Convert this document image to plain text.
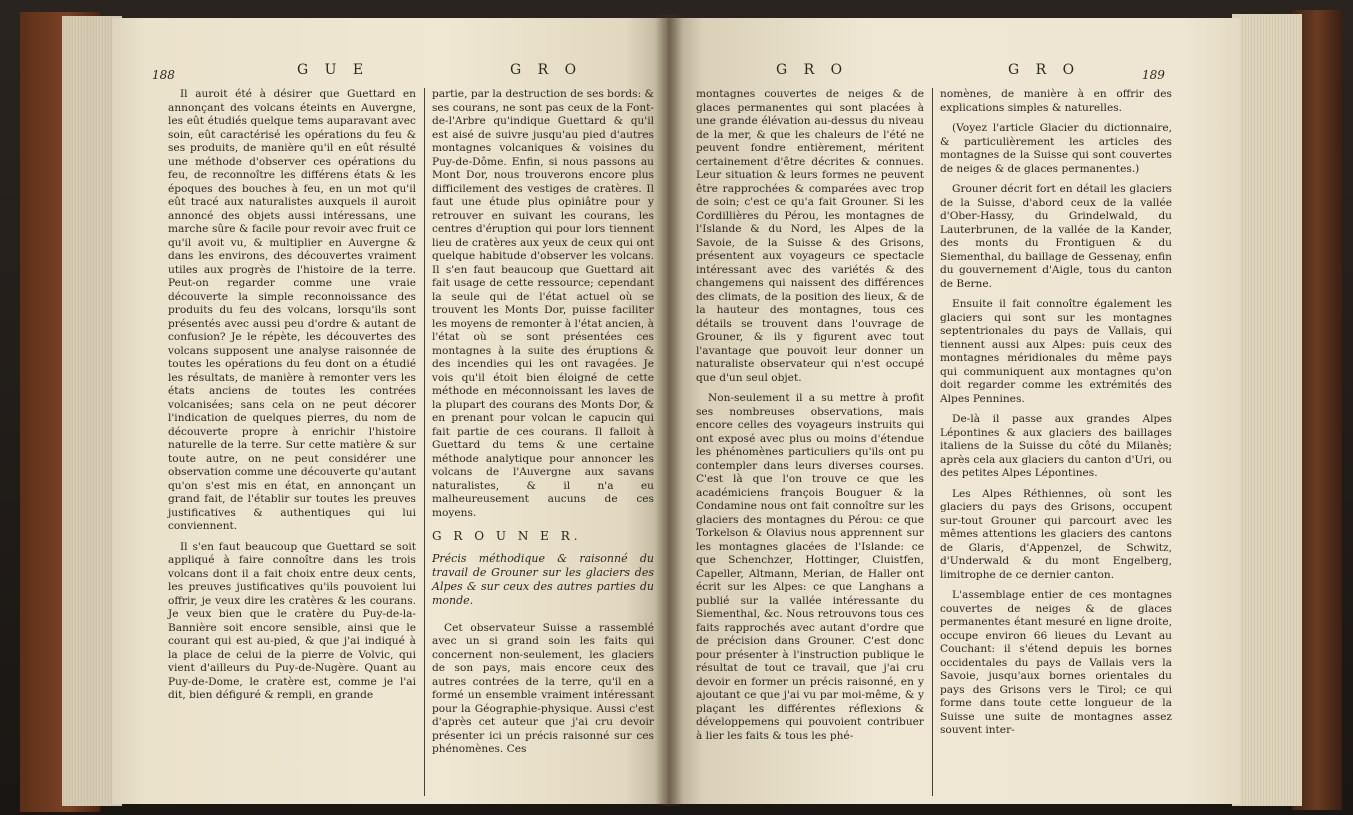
188	G U E	G R O

Il auroit été à désirer que Guettard en annonçant des volcans éteints en Auvergne, les eût étudiés quelque tems auparavant avec soin, eût caractérisé les opérations du feu & ses produits, de manière qu'il en eût résulté une méthode d'observer ces opérations du feu, de reconnoître les différens états & les époques des bouches à feu, en un mot qu'il eût tracé aux naturalistes auxquels il auroit annoncé des objets aussi intéressans, une marche sûre & facile pour revoir avec fruit ce qu'il avoit vu, & multiplier en Auvergne & dans les environs, des découvertes vraiment utiles aux progrès de l'histoire de la terre. Peut-on regarder comme une vraie découverte la simple reconnoissance des produits du feu des volcans, lorsqu'ils sont présentés avec aussi peu d'ordre & autant de confusion? Je le répète, les découvertes des volcans supposent une analyse raisonnée de toutes les opérations du feu dont on a étudié les résultats, de manière à remonter vers les états anciens de toutes les contrées volcanisées; sans cela on ne peut décorer l'indication de quelques pierres, du nom de découverte propre à enrichir l'histoire naturelle de la terre. Sur cette matière & sur toute autre, on ne peut considérer une observation comme une découverte qu'autant qu'on s'est mis en état, en annonçant un grand fait, de l'établir sur toutes les preuves justificatives & authentiques qui lui conviennent.

Il s'en faut beaucoup que Guettard se soit appliqué à faire connoître dans les trois volcans dont il a fait choix entre deux cents, les preuves justificatives qu'ils pouvoient lui offrir, je veux dire les cratères & les courans. Je veux bien que le cratère du Puy-de-la-Bannière soit encore sensible, ainsi que le courant qui est au-pied, & que j'ai indiqué à la place de celui de la pierre de Volvic, qui vient d'ailleurs du Puy-de-Nugère. Quant au Puy-de-Dome, le cratère est, comme je l'ai dit, bien défiguré & rempli, en grande

partie, par la destruction de ses bords: & ses courans, ne sont pas ceux de la Font-de-l'Arbre qu'indique Guettard & qu'il est aisé de suivre jusqu'au pied d'autres montagnes volcaniques & voisines du Puy-de-Dôme. Enfin, si nous passons au Mont Dor, nous trouverons encore plus difficilement des vestiges de cratères. Il faut une étude plus opiniâtre pour y retrouver en suivant les courans, les centres d'éruption qui pour lors tiennent lieu de cratères aux yeux de ceux qui ont quelque habitude d'observer les volcans. Il s'en faut beaucoup que Guettard ait fait usage de cette ressource; cependant la seule qui de l'état actuel où se trouvent les Monts Dor, puisse faciliter les moyens de remonter à l'état ancien, à l'état où se sont présentées ces montagnes à la suite des éruptions & des incendies qui les ont ravagées. Je vois qu'il étoit bien éloigné de cette méthode en méconnoissant les laves de la plupart des courans des Monts Dor, & en prenant pour volcan le capucin qui fait partie de ces courans. Il falloit à Guettard du tems & une certaine méthode analytique pour annoncer les volcans de l'Auvergne aux savans naturalistes, & il n'a eu malheureusement aucuns de ces moyens.

G R O U N E R.

Précis méthodique & raisonné du travail de Grouner sur les glaciers des Alpes & sur ceux des autres parties du monde.

Cet observateur Suisse a rassemblé avec un si grand soin les faits qui concernent non-seulement, les glaciers de son pays, mais encore ceux des autres contrées de la terre, qu'il en a formé un ensemble vraiment intéressant pour la Géographie-physique. Aussi c'est d'après cet auteur que j'ai cru devoir présenter ici un précis raisonné sur ces phénomènes. Ces

G R O	G R O	189

montagnes couvertes de neiges & de glaces permanentes qui sont placées à une grande élévation au-dessus du niveau de la mer, & que les chaleurs de l'été ne peuvent fondre entièrement, méritent certainement d'être décrites & connues. Leur situation & leurs formes ne peuvent être rapprochées & comparées avec trop de soin; c'est ce qu'a fait Grouner. Si les Cordillières du Pérou, les montagnes de l'Islande & du Nord, les Alpes de la Savoie, de la Suisse & des Grisons, présentent aux voyageurs ce spectacle intéressant avec des variétés & des changemens qui naissent des différences des climats, de la position des lieux, & de la hauteur des montagnes, tous ces détails se trouvent dans l'ouvrage de Grouner, & ils y figurent avec tout l'avantage que pouvoit leur donner un naturaliste observateur qui n'est occupé que d'un seul objet.

Non-seulement il a su mettre à profit ses nombreuses observations, mais encore celles des voyageurs instruits qui ont exposé avec plus ou moins d'étendue les phénomènes particuliers qu'ils ont pu contempler dans leurs diverses courses. C'est là que l'on trouve ce que les académiciens françois Bouguer & la Condamine nous ont fait connoître sur les glaciers des montagnes du Pérou: ce que Torkelson & Olavius nous apprennent sur les montagnes glacées de l'Islande: ce que Schenchzer, Hottinger, Cluistfen, Capeller, Altmann, Merian, de Haller ont écrit sur les Alpes: ce que Langhans a publié sur la vallée intéressante du Siementhal, &c. Nous retrouvons tous ces faits rapprochés avec autant d'ordre que de précision dans Grouner. C'est donc pour présenter à l'instruction publique le résultat de tout ce travail, que j'ai cru devoir en former un précis raisonné, en y ajoutant ce que j'ai vu par moi-même, & y plaçant les différentes réflexions & développemens qui pouvoient contribuer à lier les faits & tous les phé-

nomènes, de manière à en offrir des explications simples & naturelles.

(Voyez l'article Glacier du dictionnaire, & particulièrement les articles des montagnes de la Suisse qui sont couvertes de neiges & de glaces permanentes.)

Grouner décrit fort en détail les glaciers de la Suisse, d'abord ceux de la vallée d'Ober-Hassy, du Grindelwald, du Lauterbrunen, de la vallée de la Kander, des monts du Frontiguen & du Siementhal, du baillage de Gessenay, enfin du gouvernement d'Aigle, tous du canton de Berne.

Ensuite il fait connoître également les glaciers qui sont sur les montagnes septentrionales du pays de Vallais, qui tiennent aussi aux Alpes: puis ceux des montagnes méridionales du même pays qui communiquent aux montagnes qu'on doit regarder comme les extrémités des Alpes Pennines.

De-là il passe aux grandes Alpes Lépontines & aux glaciers des baillages italiens de la Suisse du côté du Milanès; après cela aux glaciers du canton d'Uri, ou des petites Alpes Lépontines.

Les Alpes Réthiennes, où sont les glaciers du pays des Grisons, occupent sur-tout Grouner qui parcourt avec les mêmes attentions les glaciers des cantons de Glaris, d'Appenzel, de Schwitz, d'Underwald & du mont Engelberg, limitrophe de ce dernier canton.

L'assemblage entier de ces montagnes couvertes de neiges & de glaces permanentes étant mesuré en ligne droite, occupe environ 66 lieues du Levant au Couchant: il s'étend depuis les bornes occidentales du pays de Vallais vers la Savoie, jusqu'aux bornes orientales du pays des Grisons vers le Tirol; ce qui forme dans toute cette longueur de la Suisse une suite de montagnes assez souvent inter-
